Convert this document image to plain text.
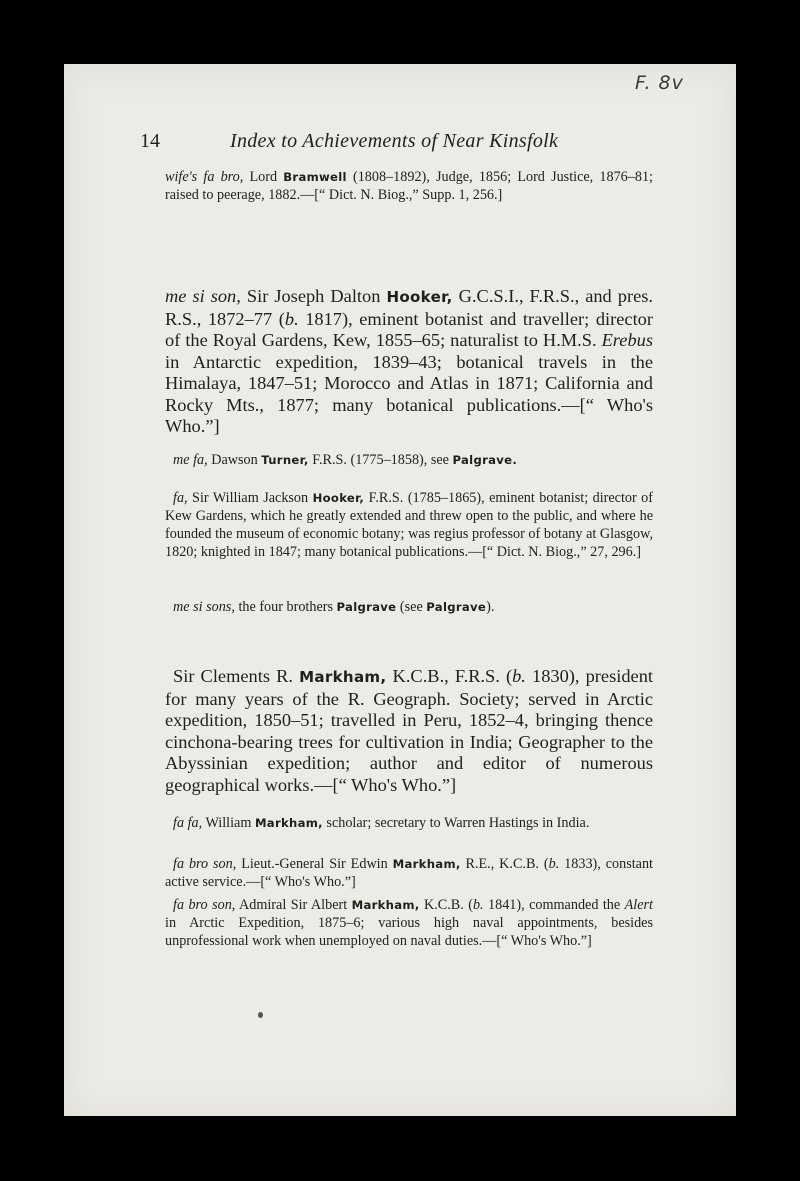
F. 8v
14	Index to Achievements of Near Kinsfolk

wife's fa bro, Lord Bramwell (1808–1892), Judge, 1856; Lord Justice, 1876–81; raised to peerage, 1882.—[“ Dict. N. Biog.,” Supp. 1, 256.]

me si son, Sir Joseph Dalton Hooker, G.C.S.I., F.R.S., and pres. R.S., 1872–77 (b. 1817), eminent botanist and traveller; director of the Royal Gardens, Kew, 1855–65; naturalist to H.M.S. Erebus in Antarctic expedition, 1839–43; botanical travels in the Himalaya, 1847–51; Morocco and Atlas in 1871; California and Rocky Mts., 1877; many botanical publications.—[“ Who's Who.”]

me fa, Dawson Turner, F.R.S. (1775–1858), see Palgrave.

fa, Sir William Jackson Hooker, F.R.S. (1785–1865), eminent botanist; director of Kew Gardens, which he greatly extended and threw open to the public, and where he founded the museum of economic botany; was regius professor of botany at Glasgow, 1820; knighted in 1847; many botanical publications.—[“ Dict. N. Biog.,” 27, 296.]

me si sons, the four brothers Palgrave (see Palgrave).

Sir Clements R. Markham, K.C.B., F.R.S. (b. 1830), president for many years of the R. Geograph. Society; served in Arctic expedition, 1850–51; travelled in Peru, 1852–4, bringing thence cinchona-bearing trees for cultivation in India; Geographer to the Abyssinian expedition; author and editor of numerous geographical works.—[“ Who's Who.”]

fa fa, William Markham, scholar; secretary to Warren Hastings in India.

fa bro son, Lieut.-General Sir Edwin Markham, R.E., K.C.B. (b. 1833), constant active service.—[“ Who's Who.”]

fa bro son, Admiral Sir Albert Markham, K.C.B. (b. 1841), commanded the Alert in Arctic Expedition, 1875–6; various high naval appointments, besides unprofessional work when unemployed on naval duties.—[“ Who's Who.”]
